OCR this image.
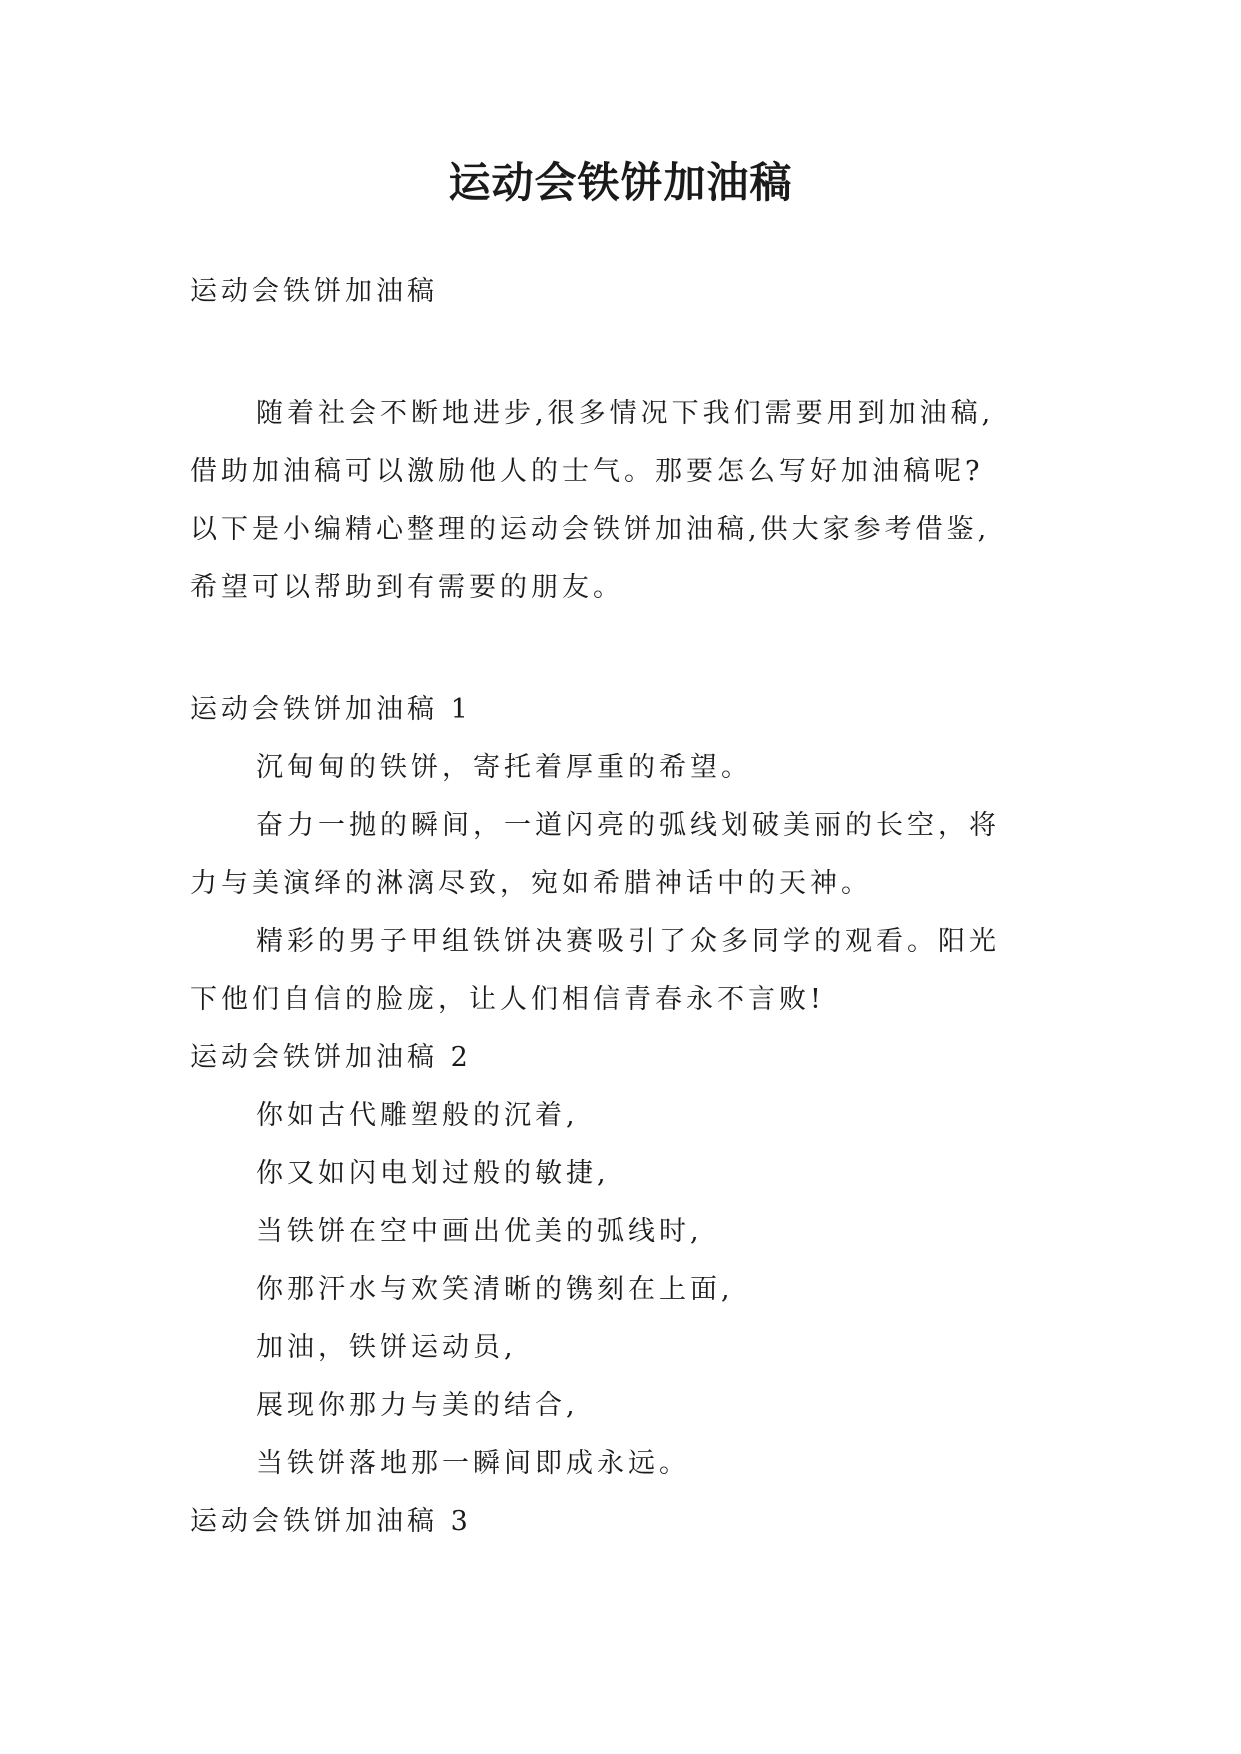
运动会铁饼加油稿
运动会铁饼加油稿
随着社会不断地进步,很多情况下我们需要用到加油稿,
借助加油稿可以激励他人的士气。那要怎么写好加油稿呢?
以下是小编精心整理的运动会铁饼加油稿,供大家参考借鉴,
希望可以帮助到有需要的朋友。
运动会铁饼加油稿 1
沉甸甸的铁饼，寄托着厚重的希望。
奋力一抛的瞬间，一道闪亮的弧线划破美丽的长空，将
力与美演绎的淋漓尽致，宛如希腊神话中的天神。
精彩的男子甲组铁饼决赛吸引了众多同学的观看。阳光
下他们自信的脸庞，让人们相信青春永不言败!
运动会铁饼加油稿 2
你如古代雕塑般的沉着,
你又如闪电划过般的敏捷,
当铁饼在空中画出优美的弧线时,
你那汗水与欢笑清晰的镌刻在上面,
加油，铁饼运动员,
展现你那力与美的结合,
当铁饼落地那一瞬间即成永远。
运动会铁饼加油稿 3
